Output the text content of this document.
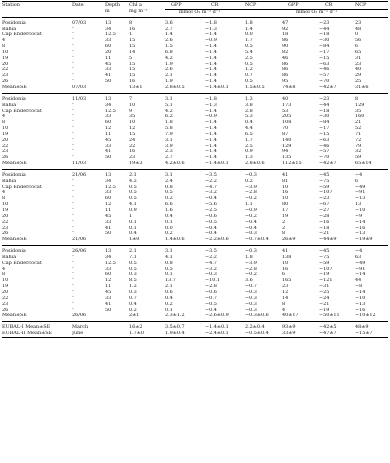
Station	Date	Depth	Chl a	GPP	CR	NCP	GPP	CR	NCP
		m	mg m⁻³	mmol O₂ m⁻³ d⁻¹			mmol O₂ m⁻² d⁻¹		
Posidonia	07/03	13	8	3.6	−1.8	1.8	47	−23	23
Bahia	“	34	16	2.7	−1.3	1.4	92	−44	48
Cap Endercocat	“	12.5	1	1.4	−1.4	0.0	18	−18	0
4	“	33	15	2.6	−0.9	1.7	86	−30	56
8	“	60	15	1.5	−1.4	0.5	90	−84	6
10	“	20	14	6.8	−1.4	5.4	82	−17	65
19	“	11	5	4.2	−1.4	2.5	46	−15	31
20	“	45	15	1.9	−1.4	0.5	86	−63	23
22	“	33	15	2.6	−1.4	1.2	86	−46	40
23	“	41	15	2.1	−1.4	0.7	86	−57	29
26	“	50	16	1.9	−1.4	0.5	95	−70	25
Mean±SE	07/03		13±1	2.8±0.5	−1.4±0.1	1.5±0.5	74±8	−42±7	31±6
Posidonia	11/03	13	7	3.1	−1.8	1.3	40	−23	8
Bahia	“	34	10	5.1	−1.3	3.8	173	−44	129
Cap Endercocat	“	12.5	9	4.2	−1.4	2.8	53	−18	35
4	“	33	35	6.2	−0.9	5.3	205	−30	160
8	“	60	10	1.8	−1.4	0.4	108	−84	21
10	“	12	12	5.8	−1.4	4.4	70	−17	52
19	“	11	15	7.9	−1.4	6.5	87	−15	71
20	“	45	24	3.1	−1.4	1.7	140	−63	72
22	“	33	22	3.9	−1.4	2.5	129	−46	79
23	“	41	16	2.3	−1.4	0.9	94	−57	32
26	“	50	23	2.7	−1.4	1.3	135	−70	59
Mean±SE	11/03		19±3	4.2±0.6	−1.4±0.1	2.8±0.6	112±15	−42±7	65±14
Posidonia	21/06	13	2.1	3.1	−3.5	−0.3	41	−45	−4
Bahia	“	34	4.2	2.4	−2.2	0.2	81	−75	6
Cap Endercocat	“	12.5	0.5	0.8	−4.7	−3.9	10	−59	−49
4	“	33	0.5	0.5	−3.2	−2.8	16	−107	−91
8	“	60	0.5	0.2	−0.4	−0.2	10	−23	−13
10	“	12	4.1	6.6	−5.6	1.1	80	−67	13
19	“	11	0.9	1.6	−2.5	−0.9	17	−27	−10
20	“	45	1	0.4	−0.6	−0.2	19	−28	−9
22	“	33	0.1	0.1	−0.5	−0.4	2	−16	−14
23	“	41	0.1	0.0	−0.4	−0.4	2	−18	−16
26	“	50	0.4	0.2	−0.4	−0.3	8	−21	−13
Mean±SE	21/06		1±0	1.4±0.6	−2.2±0.6	−0.7±0.4	26±9	−44±9	−19±9
Posidonia	26/06	13	2.1	3.1	−3.5	−0.3	41	−45	−4
Bahia	“	34	7.1	4.1	−2.2	1.8	138	−75	63
Cap Endercocat	“	12.5	0.5	0.8	−4.7	−3.9	10	−59	−49
4	“	33	0.5	0.5	−3.2	−2.8	16	−107	−91
8	“	60	0.3	0.1	−0.3	−0.2	6	−19	−14
10	“	12	8.5	13.7	−10.1	3.6	165	−121	44
19	“	11	1.2	2.1	−2.8	−0.7	23	−31	−8
20	“	45	0.3	0.6	−0.6	−0.3	12	−25	−14
22	“	33	0.7	0.4	−0.7	−0.3	14	−24	−10
23	“	41	0.4	0.2	−0.5	−0.3	8	−21	−13
26	“	50	0.2	0.1	−0.4	−0.3	4	−19	−16
Mean±SE	26/06		2±1	2.3±1.2	−2.6±0.9	−0.3±0.6	40±17	−50±11	−10±12
EUBAL-I Mean±SE	March		16±2	3.5±0.7	−1.4±0.1	2.2±0.4	93±9	−42±5	48±9
EUBAL-II Mean±SE	June		1.7±0	1.9±0.4	−2.4±0.1	−0.5±0.4	33±9	−47±7	−15±7
